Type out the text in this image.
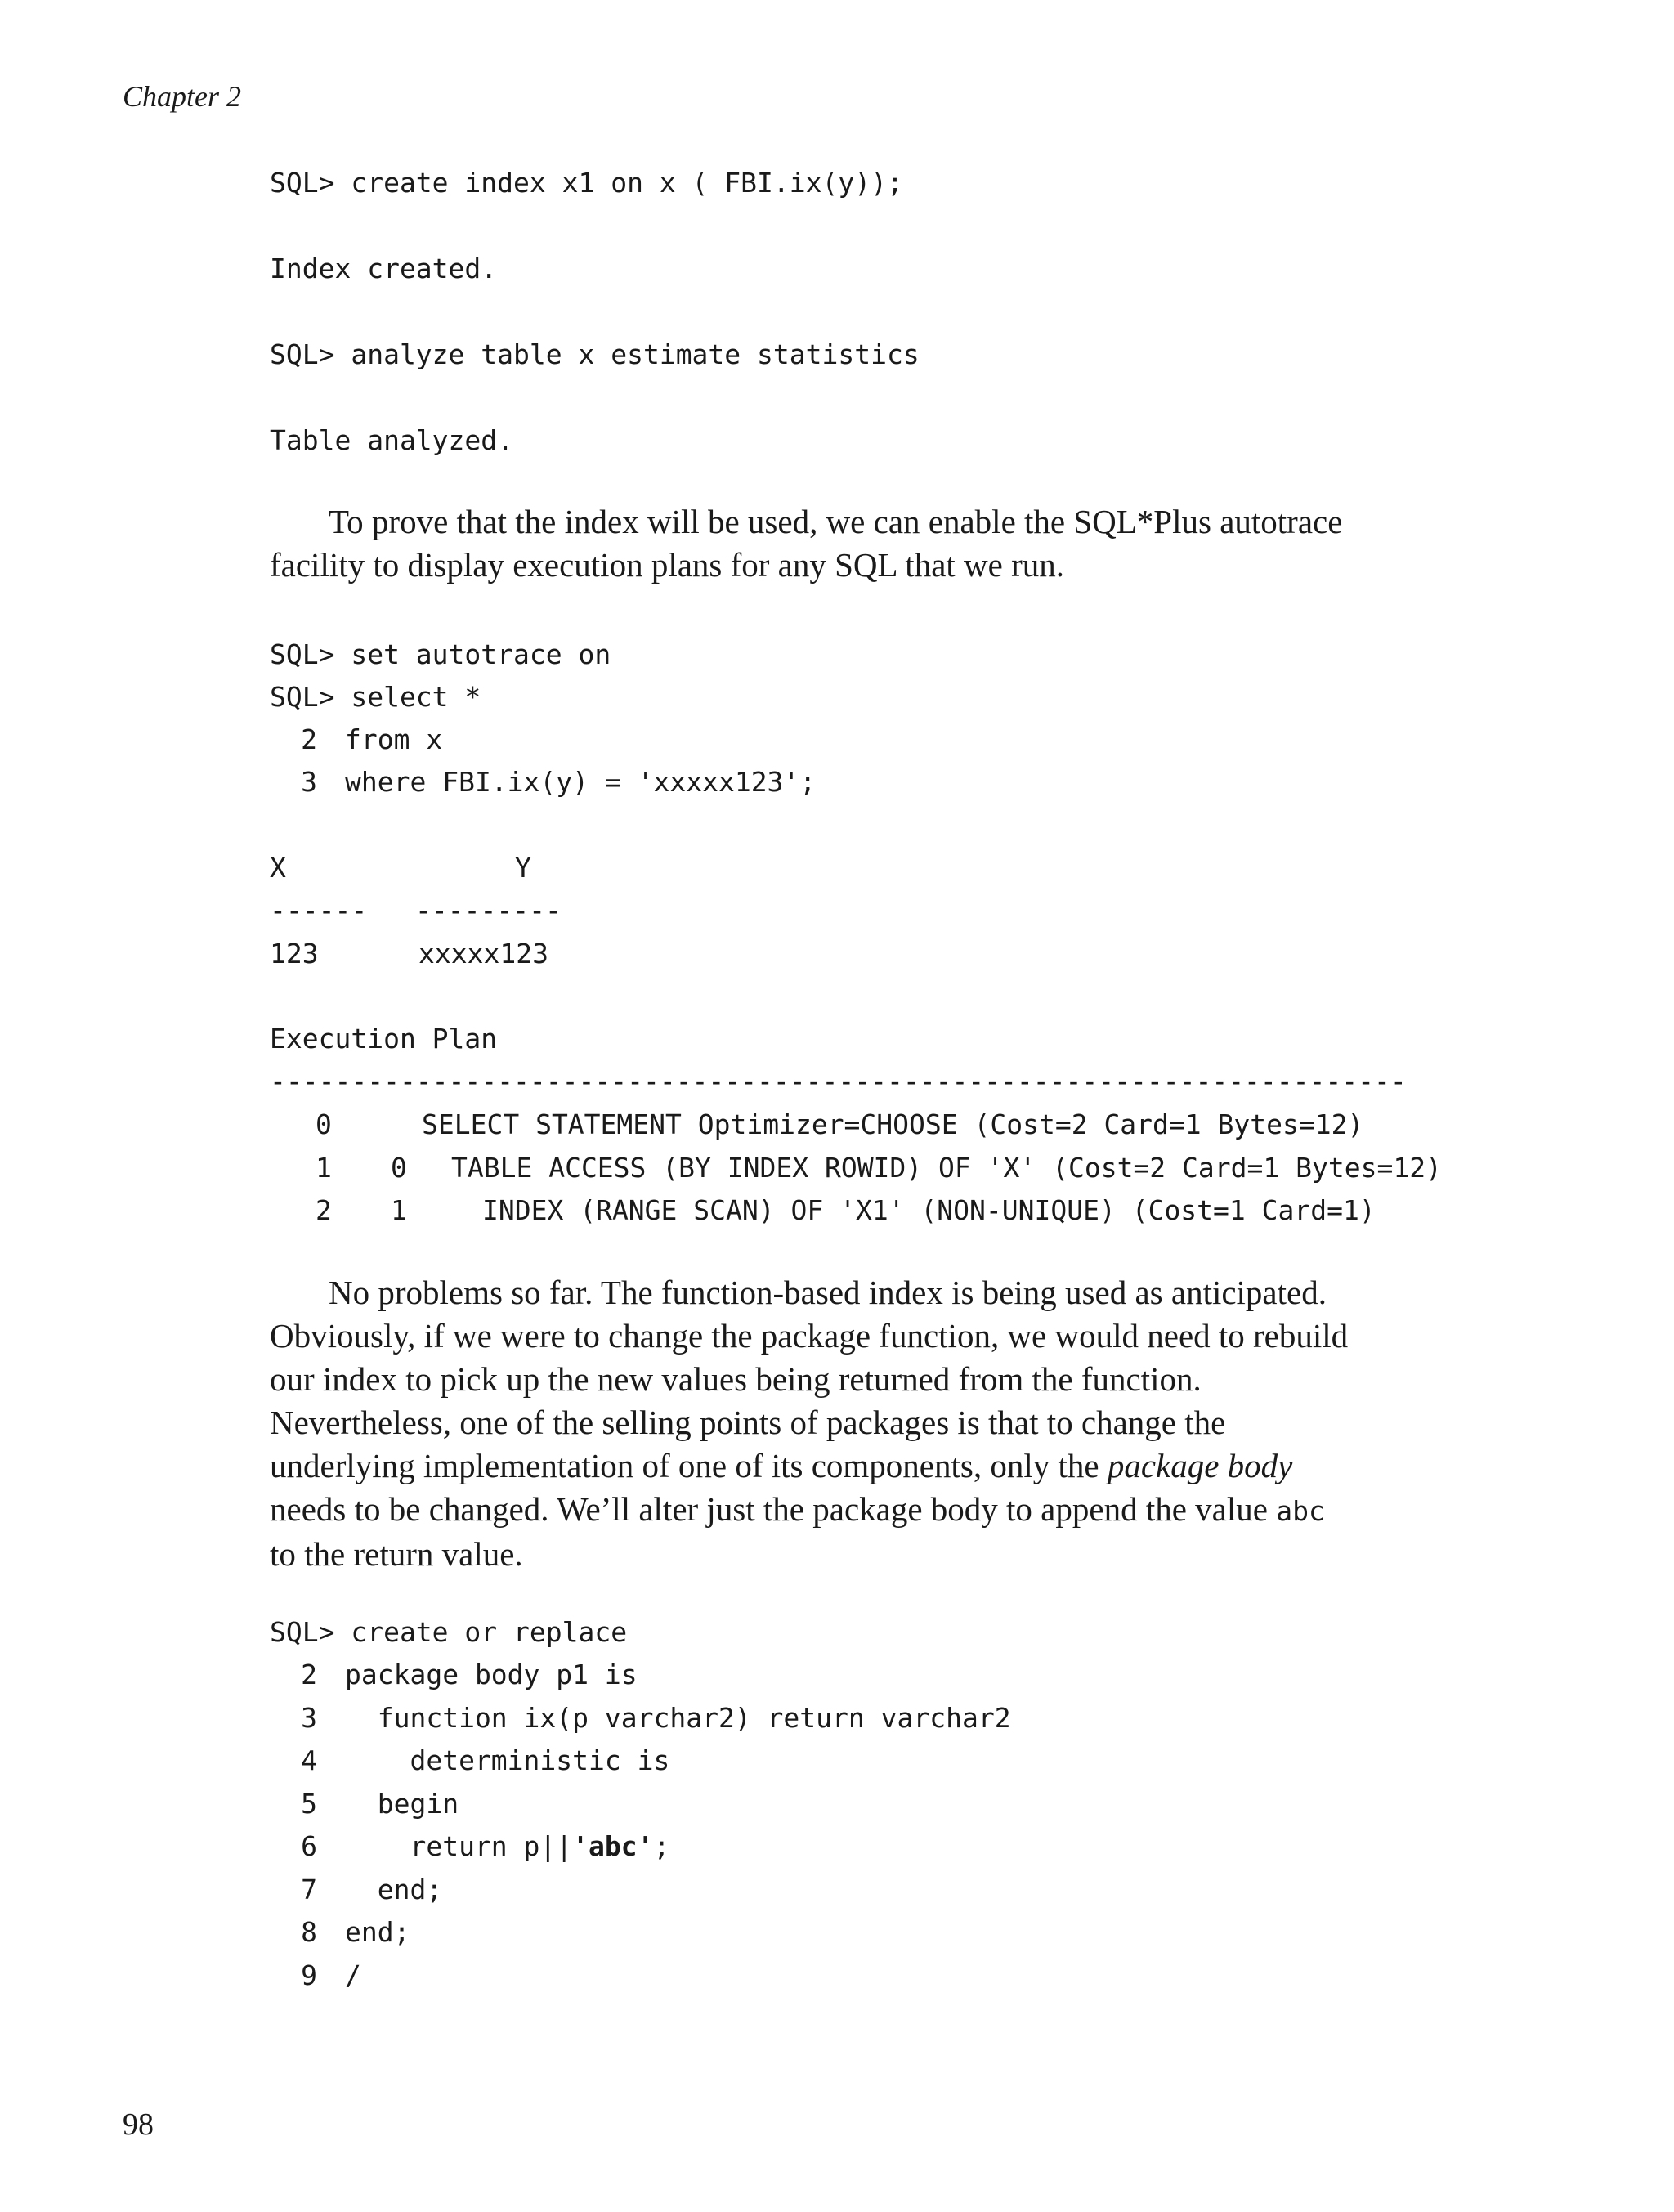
Chapter 2
SQL> create index x1 on x ( FBI.ix(y));
Index created.
SQL> analyze table x estimate statistics
Table analyzed.
To prove that the index will be used, we can enable the SQL*Plus autotrace
facility to display execution plans for any SQL that we run.
SQL> set autotrace on
SQL> select *
2 from x
3 where FBI.ix(y) = 'xxxxx123';
X	Y
------ ---------
123	xxxxx123
Execution Plan
----------------------------------------------------------------------
0	SELECT STATEMENT Optimizer=CHOOSE (Cost=2 Card=1 Bytes=12)
1 0 TABLE ACCESS (BY INDEX ROWID) OF 'X' (Cost=2 Card=1 Bytes=12)
2 1	INDEX (RANGE SCAN) OF 'X1' (NON-UNIQUE) (Cost=1 Card=1)
No problems so far. The function-based index is being used as anticipated.
Obviously, if we were to change the package function, we would need to rebuild
our index to pick up the new values being returned from the function.
Nevertheless, one of the selling points of packages is that to change the
underlying implementation of one of its components, only the package body
needs to be changed. We’ll alter just the package body to append the value abc
to the return value.
SQL> create or replace
2 package body p1 is
3  function ix(p varchar2) return varchar2
4    deterministic is
5  begin
6    return p||'abc';
7  end;
8 end;
9 /
98
